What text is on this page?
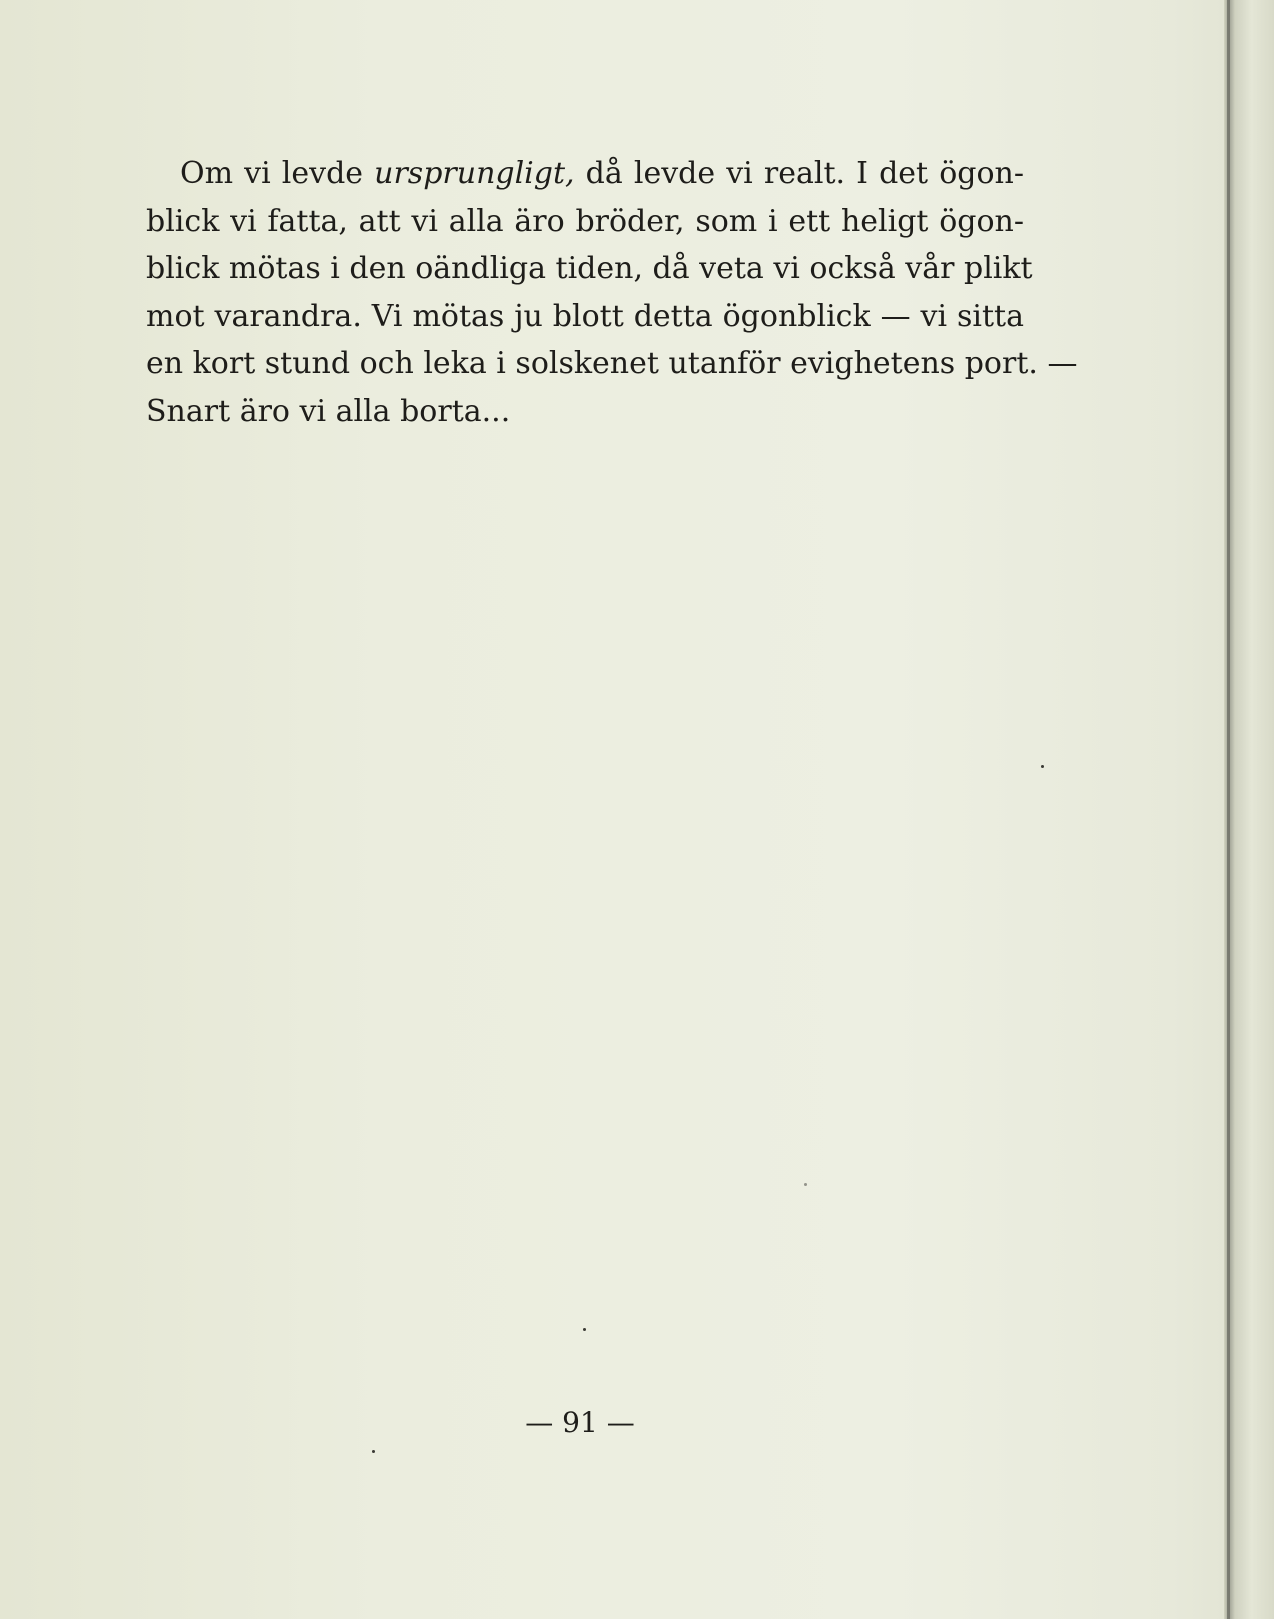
Om vi levde ursprungligt, då levde vi realt. I det ögon-
blick vi fatta, att vi alla äro bröder, som i ett heligt ögon-
blick mötas i den oändliga tiden, då veta vi också vår plikt
mot varandra. Vi mötas ju blott detta ögonblick — vi sitta
en kort stund och leka i solskenet utanför evighetens port. —
Snart äro vi alla borta...
— 91 —
